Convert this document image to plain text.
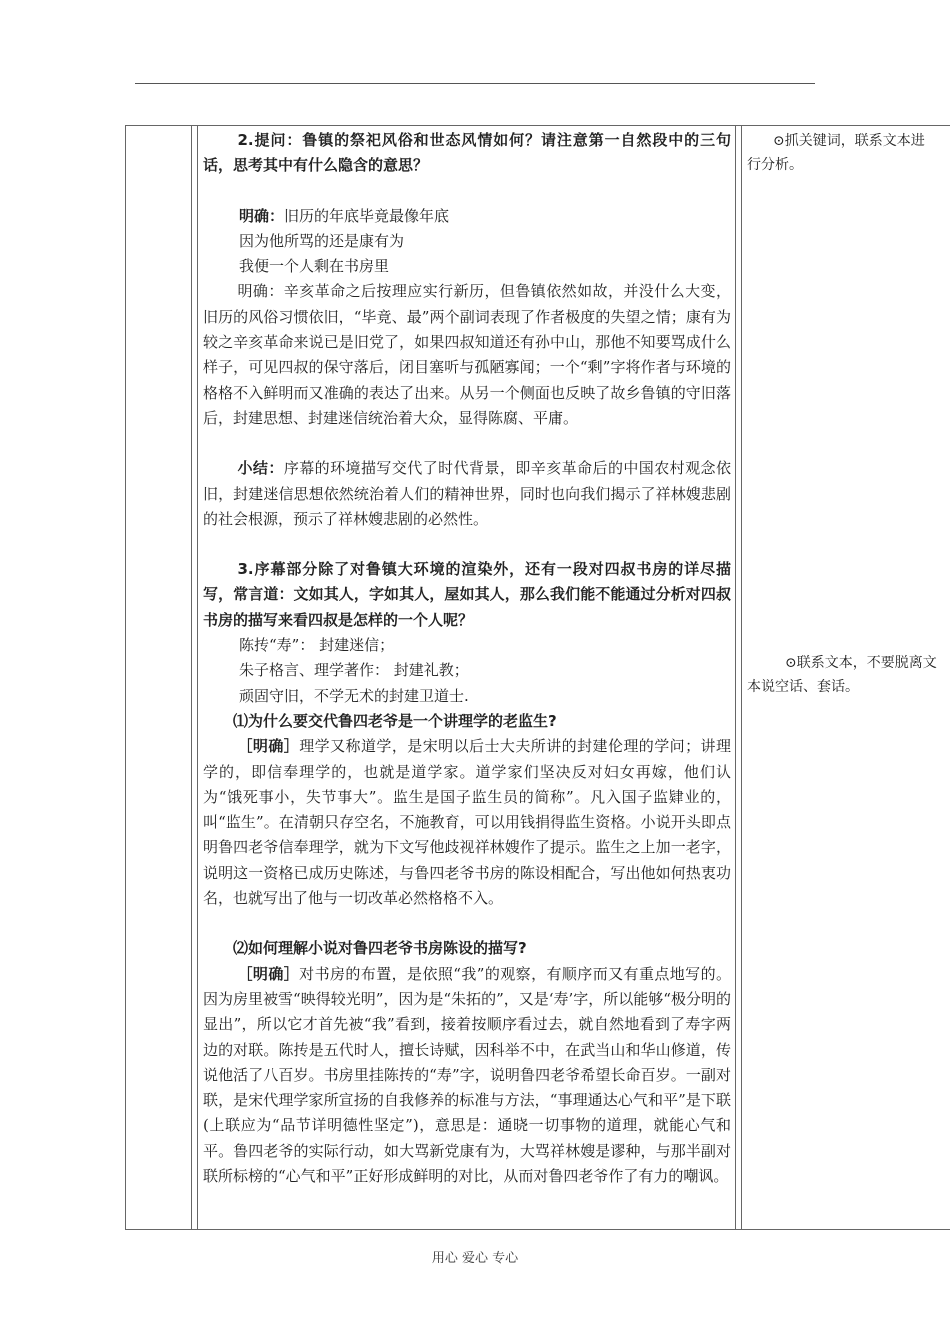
2.提问：鲁镇的祭祀风俗和世态风情如何？请注意第一自然段中的三句话，思考其中有什么隐含的意思？

明确：旧历的年底毕竟最像年底

因为他所骂的还是康有为

我便一个人剩在书房里

明确：辛亥革命之后按理应实行新历，但鲁镇依然如故，并没什么大变，旧历的风俗习惯依旧，“毕竟、最”两个副词表现了作者极度的失望之情；康有为较之辛亥革命来说已是旧党了，如果四叔知道还有孙中山，那他不知要骂成什么样子，可见四叔的保守落后，闭目塞听与孤陋寡闻；一个“剩”字将作者与环境的格格不入鲜明而又准确的表达了出来。从另一个侧面也反映了故乡鲁镇的守旧落后，封建思想、封建迷信统治着大众，显得陈腐、平庸。

小结：序幕的环境描写交代了时代背景，即辛亥革命后的中国农村观念依旧，封建迷信思想依然统治着人们的精神世界，同时也向我们揭示了祥林嫂悲剧的社会根源，预示了祥林嫂悲剧的必然性。

3.序幕部分除了对鲁镇大环境的渲染外，还有一段对四叔书房的详尽描写，常言道：文如其人，字如其人，屋如其人，那么我们能不能通过分析对四叔书房的描写来看四叔是怎样的一个人呢？

陈抟“寿”： 封建迷信；

朱子格言、理学著作： 封建礼教；

顽固守旧，不学无术的封建卫道士.

⑴为什么要交代鲁四老爷是一个讲理学的老监生?

［明确］理学又称道学，是宋明以后士大夫所讲的封建伦理的学问；讲理学的，即信奉理学的，也就是道学家。道学家们坚决反对妇女再嫁，他们认为“饿死事小，失节事大”。监生是国子监生员的简称”。凡入国子监肄业的，叫“监生”。在清朝只存空名，不施教育，可以用钱捐得监生资格。小说开头即点明鲁四老爷信奉理学，就为下文写他歧视祥林嫂作了提示。监生之上加一老字，说明这一资格已成历史陈述，与鲁四老爷书房的陈设相配合，写出他如何热衷功名，也就写出了他与一切改革必然格格不入。

⑵如何理解小说对鲁四老爷书房陈设的描写?

［明确］对书房的布置，是依照“我”的观察，有顺序而又有重点地写的。因为房里被雪“映得较光明”，因为是“朱拓的”，又是‘寿’字，所以能够“极分明的显出”，所以它才首先被“我”看到，接着按顺序看过去，就自然地看到了寿字两边的对联。陈抟是五代时人，擅长诗赋，因科举不中，在武当山和华山修道，传说他活了八百岁。书房里挂陈抟的“寿”字，说明鲁四老爷希望长命百岁。一副对联，是宋代理学家所宣扬的自我修养的标准与方法，“事理通达心气和平”是下联(上联应为“品节详明德性坚定”)，意思是：通晓一切事物的道理，就能心气和平。鲁四老爷的实际行动，如大骂新党康有为，大骂祥林嫂是谬种，与那半副对联所标榜的“心气和平”正好形成鲜明的对比，从而对鲁四老爷作了有力的嘲讽。

⊙抓关键词，联系文本进
行分析。
⊙联系文本，不要脱离文
本说空话、套话。
用心 爱心 专心
